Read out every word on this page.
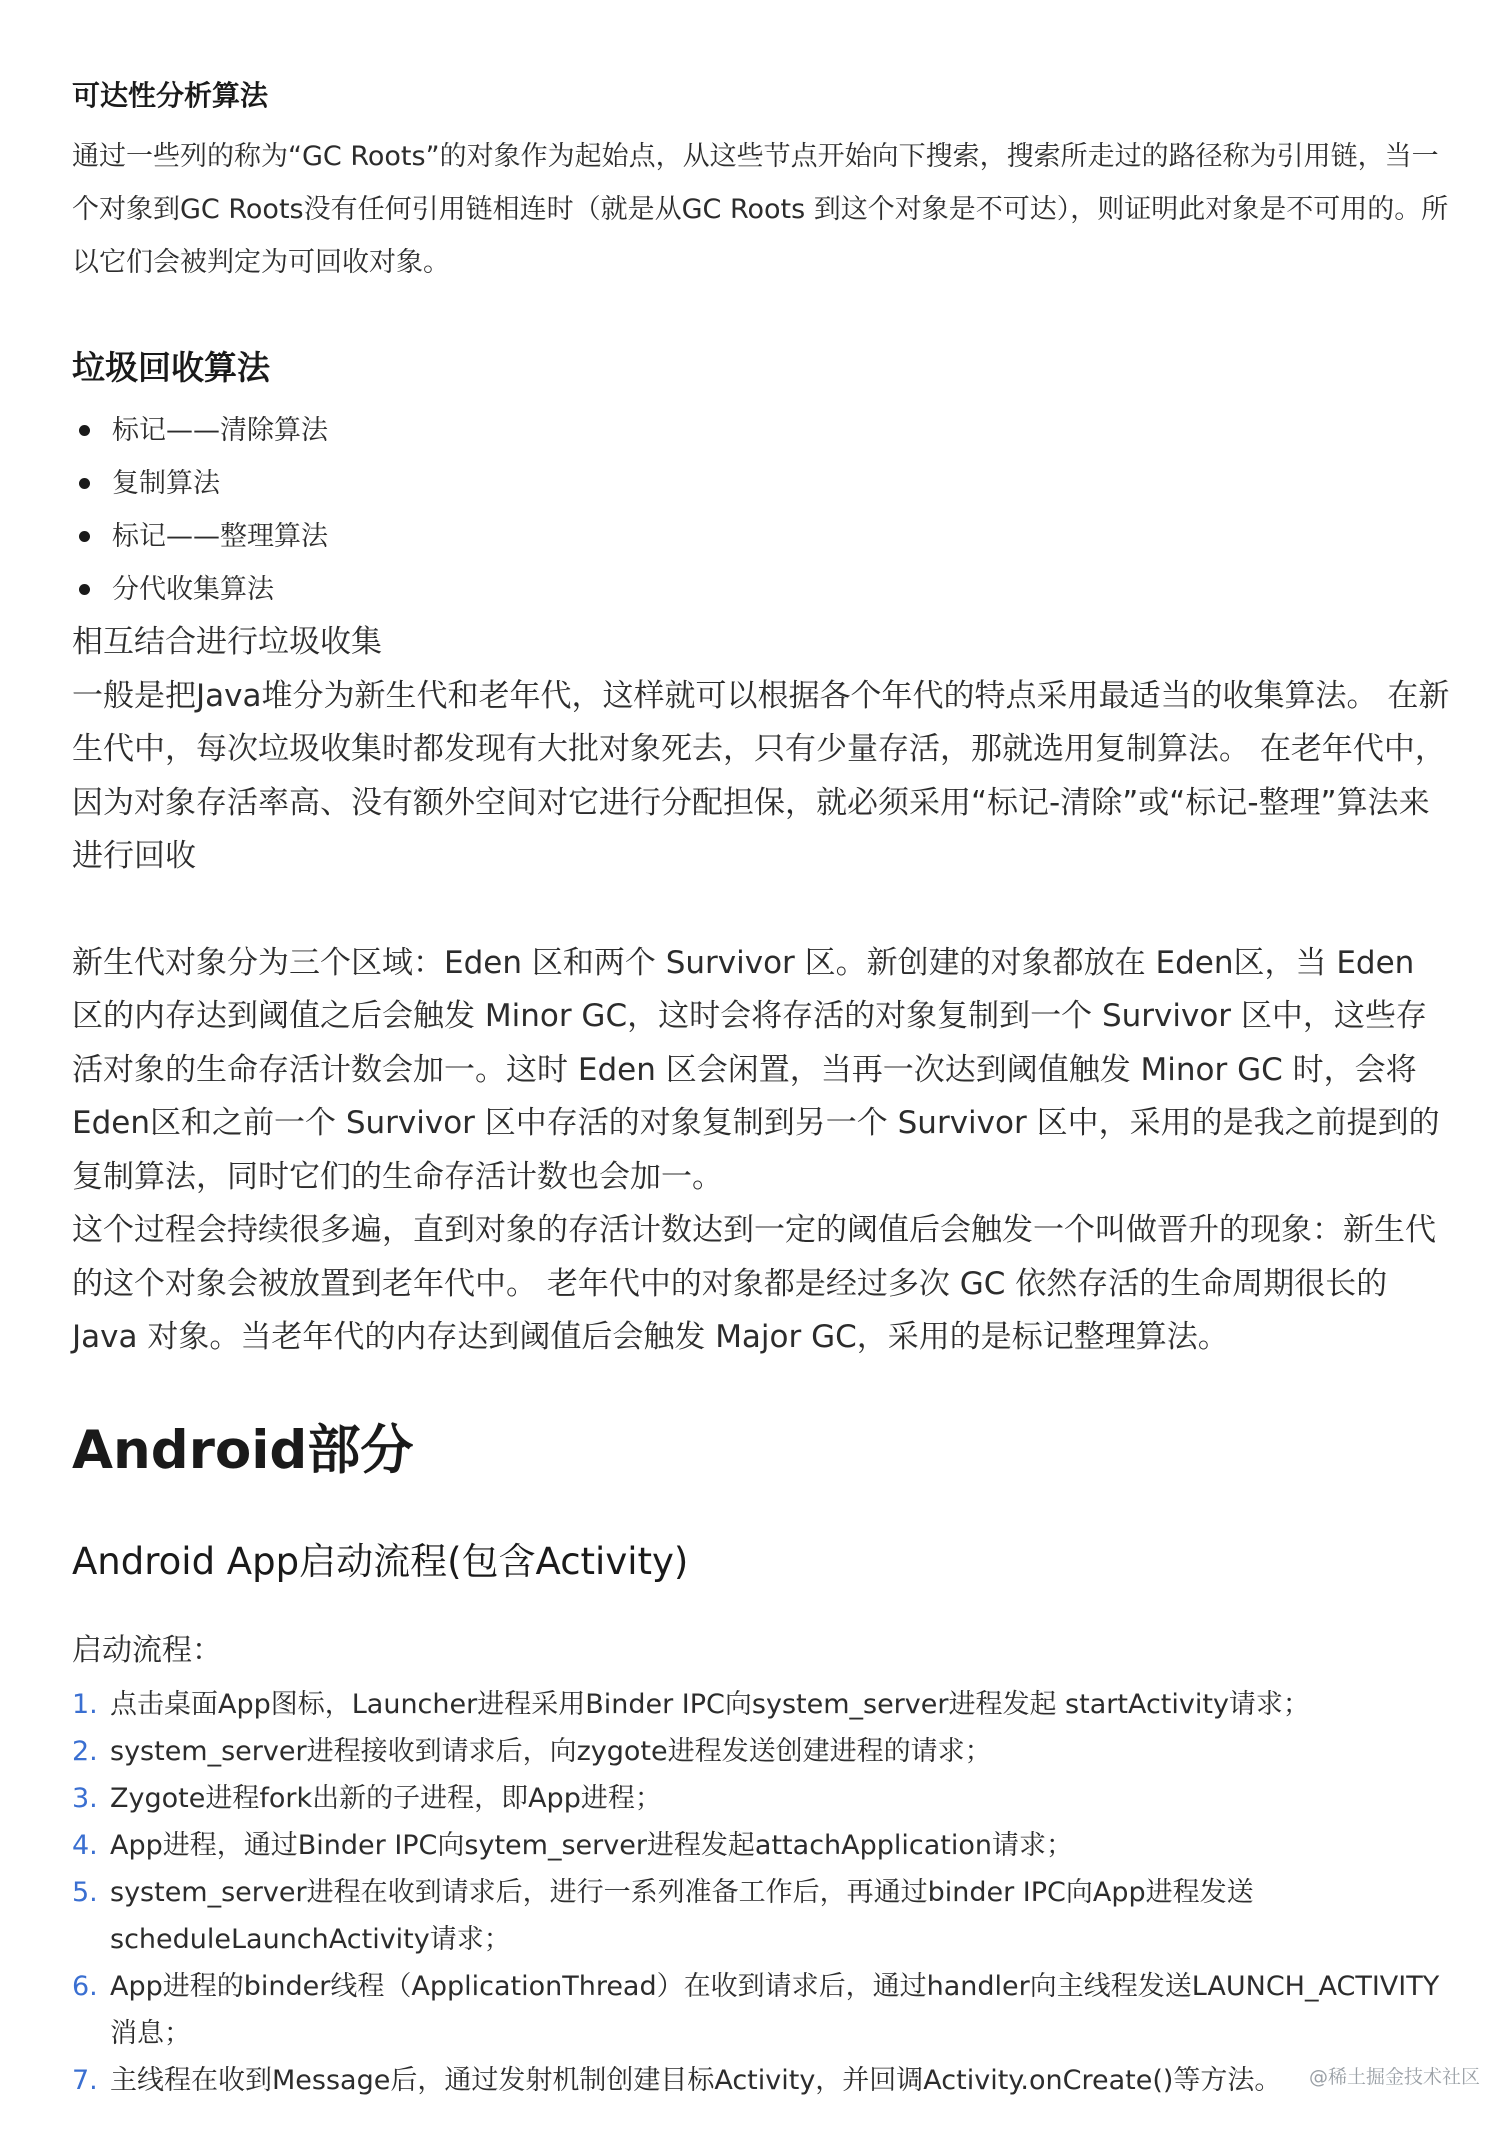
可达性分析算法

通过一些列的称为“GC Roots”的对象作为起始点，从这些节点开始向下搜索，搜索所走过的路径称为引用链，当一个对象到GC Roots没有任何引用链相连时（就是从GC Roots 到这个对象是不可达），则证明此对象是不可用的。所以它们会被判定为可回收对象。

垃圾回收算法
标记——清除算法
复制算法
标记——整理算法
分代收集算法

相互结合进行垃圾收集

一般是把Java堆分为新生代和老年代，这样就可以根据各个年代的特点采用最适当的收集算法。 在新生代中，每次垃圾收集时都发现有大批对象死去，只有少量存活，那就选用复制算法。 在老年代中，因为对象存活率高、没有额外空间对它进行分配担保，就必须采用“标记-清除”或“标记-整理”算法来进行回收

新生代对象分为三个区域：Eden 区和两个 Survivor 区。新创建的对象都放在 Eden区，当 Eden 区的内存达到阈值之后会触发 Minor GC，这时会将存活的对象复制到一个 Survivor 区中，这些存活对象的生命存活计数会加一。这时 Eden 区会闲置，当再一次达到阈值触发 Minor GC 时，会将Eden区和之前一个 Survivor 区中存活的对象复制到另一个 Survivor 区中，采用的是我之前提到的复制算法，同时它们的生命存活计数也会加一。

这个过程会持续很多遍，直到对象的存活计数达到一定的阈值后会触发一个叫做晋升的现象：新生代的这个对象会被放置到老年代中。 老年代中的对象都是经过多次 GC 依然存活的生命周期很长的 Java 对象。当老年代的内存达到阈值后会触发 Major GC，采用的是标记整理算法。

Android部分
Android App启动流程(包含Activity)
启动流程：
1. 点击桌面App图标，Launcher进程采用Binder IPC向system_server进程发起 startActivity请求；
2. system_server进程接收到请求后，向zygote进程发送创建进程的请求；
3. Zygote进程fork出新的子进程，即App进程；
4. App进程，通过Binder IPC向sytem_server进程发起attachApplication请求；
5. system_server进程在收到请求后，进行一系列准备工作后，再通过binder IPC向App进程发送scheduleLaunchActivity请求；
6. App进程的binder线程（ApplicationThread）在收到请求后，通过handler向主线程发送LAUNCH_ACTIVITY消息；
7. 主线程在收到Message后，通过发射机制创建目标Activity，并回调Activity.onCreate()等方法。	@稀土掘金技术社区
